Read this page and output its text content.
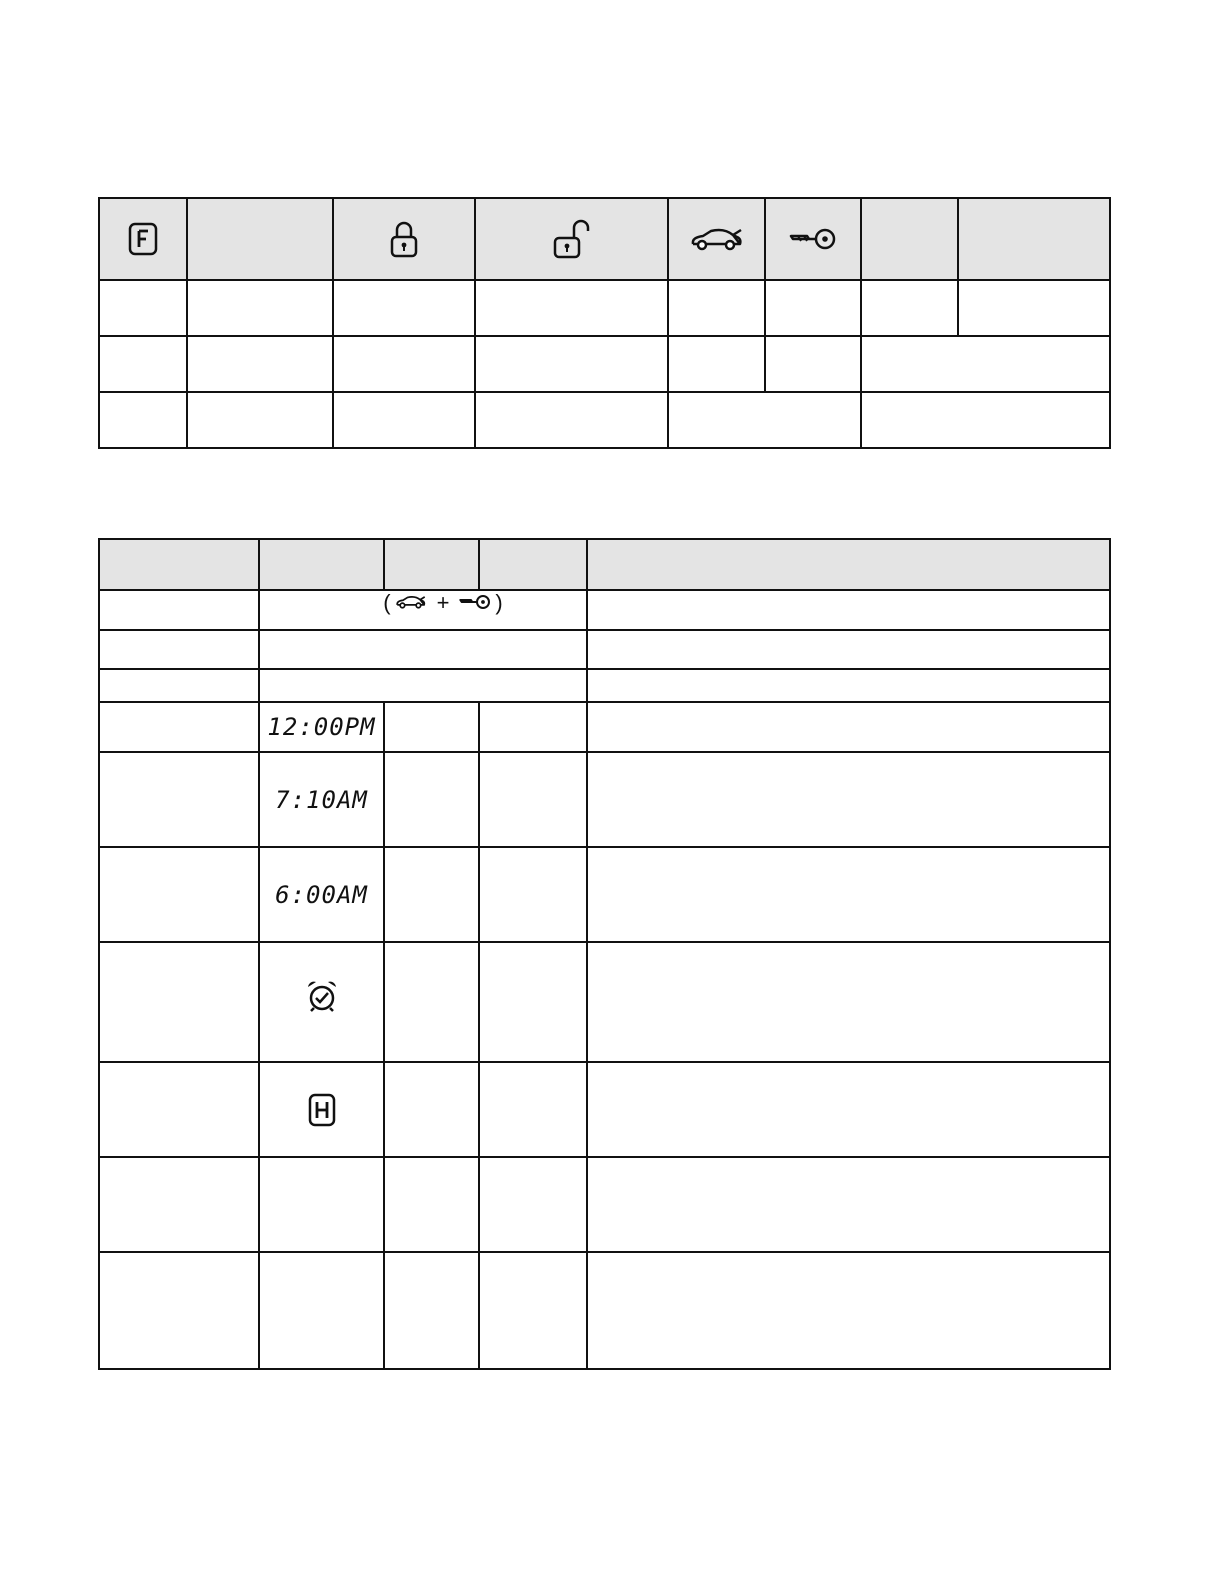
	( + )			

	12:00PM			
	7:10AM			
	6:00AM			
